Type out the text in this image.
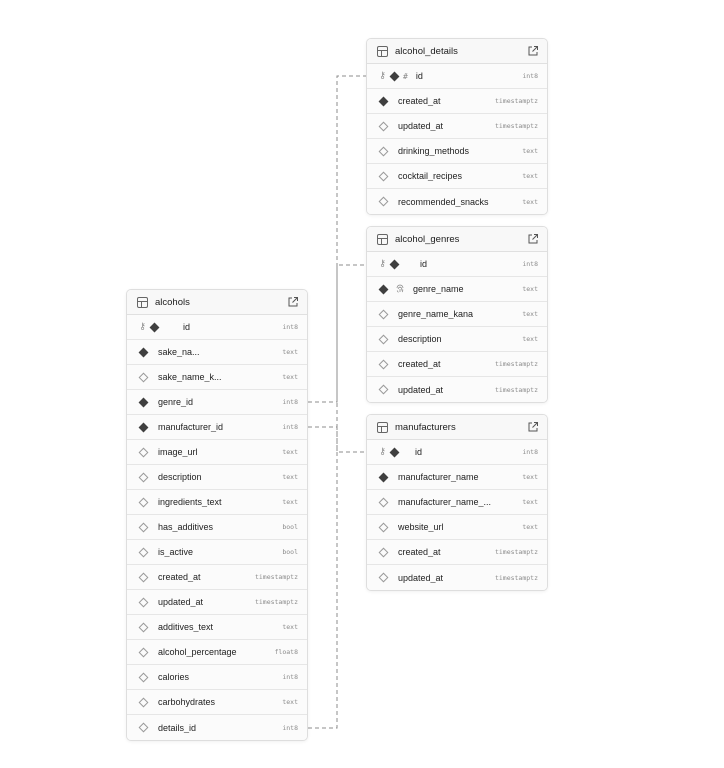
alcohol_details
⚷ # id	int8
created_at	timestamptz
updated_at	timestamptz
drinking_methods	text
cocktail_recipes	text
recommended_snacks	text
alcohol_genres
⚷	id	int8
genre_name	text
genre_name_kana	text
description	text
created_at	timestamptz
updated_at	timestamptz
manufacturers
⚷	id	int8
manufacturer_name	text
manufacturer_name_...	text
website_url	text
created_at	timestamptz
updated_at	timestamptz
alcohols
⚷	id	int8
sake_na...	text
sake_name_k...	text
genre_id	int8
manufacturer_id	int8
image_url	text
description	text
ingredients_text	text
has_additives	bool
is_active	bool
created_at	timestamptz
updated_at	timestamptz
additives_text	text
alcohol_percentage	float8
calories	int8
carbohydrates	text
details_id	int8
